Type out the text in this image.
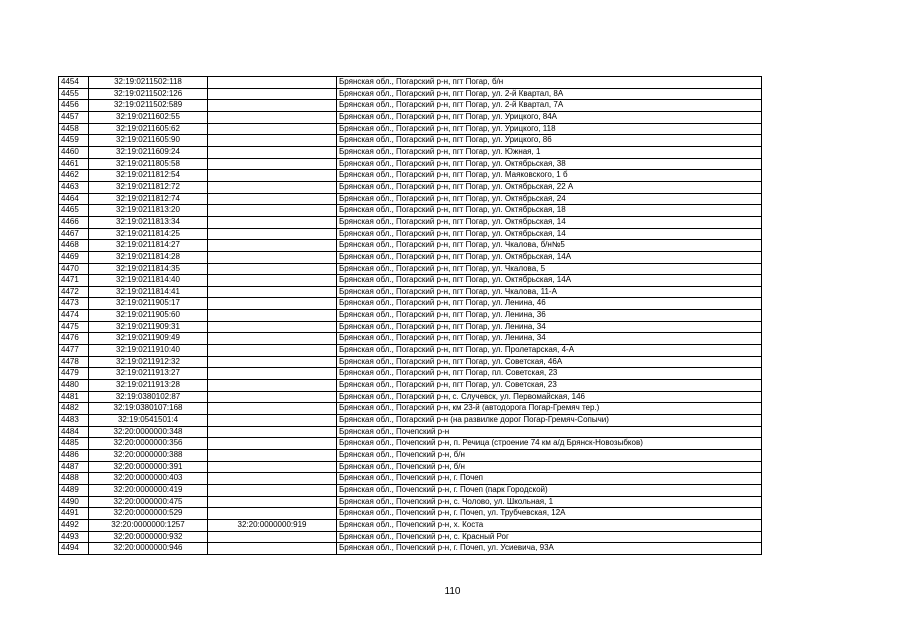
4454	32:19:0211502:118		Брянская обл., Погарский р-н, пгт Погар, б/н
4455	32:19:0211502:126		Брянская обл., Погарский р-н, пгт Погар, ул. 2-й Квартал, 8А
4456	32:19:0211502:589		Брянская обл., Погарский р-н, пгт Погар, ул. 2-й Квартал, 7А
4457	32:19:0211602:55		Брянская обл., Погарский р-н, пгт Погар, ул. Урицкого, 84А
4458	32:19:0211605:62		Брянская обл., Погарский р-н, пгт Погар, ул. Урицкого, 118
4459	32:19:0211605:90		Брянская обл., Погарский р-н, пгт Погар, ул. Урицкого, 86
4460	32:19:0211609:24		Брянская обл., Погарский р-н, пгт Погар, ул. Южная, 1
4461	32:19:0211805:58		Брянская обл., Погарский р-н, пгт Погар, ул. Октябрьская, 38
4462	32:19:0211812:54		Брянская обл., Погарский р-н, пгт Погар, ул. Маяковского, 1 б
4463	32:19:0211812:72		Брянская обл., Погарский р-н, пгт Погар, ул. Октябрьская, 22 А
4464	32:19:0211812:74		Брянская обл., Погарский р-н, пгт Погар, ул. Октябрьская, 24
4465	32:19:0211813:20		Брянская обл., Погарский р-н, пгт Погар, ул. Октябрьская, 18
4466	32:19:0211813:34		Брянская обл., Погарский р-н, пгт Погар, ул. Октябрьская, 14
4467	32:19:0211814:25		Брянская обл., Погарский р-н, пгт Погар, ул. Октябрьская, 14
4468	32:19:0211814:27		Брянская обл., Погарский р-н, пгт Погар, ул. Чкалова, б/н№5
4469	32:19:0211814:28		Брянская обл., Погарский р-н, пгт Погар, ул. Октябрьская, 14А
4470	32:19:0211814:35		Брянская обл., Погарский р-н, пгт Погар, ул. Чкалова, 5
4471	32:19:0211814:40		Брянская обл., Погарский р-н, пгт Погар, ул. Октябрьская, 14А
4472	32:19:0211814:41		Брянская обл., Погарский р-н, пгт Погар, ул. Чкалова, 11-А
4473	32:19:0211905:17		Брянская обл., Погарский р-н, пгт Погар, ул. Ленина, 46
4474	32:19:0211905:60		Брянская обл., Погарский р-н, пгт Погар, ул. Ленина, 36
4475	32:19:0211909:31		Брянская обл., Погарский р-н, пгт Погар, ул. Ленина, 34
4476	32:19:0211909:49		Брянская обл., Погарский р-н, пгт Погар, ул. Ленина, 34
4477	32:19:0211910:40		Брянская обл., Погарский р-н, пгт Погар, ул. Пролетарская, 4-А
4478	32:19:0211912:32		Брянская обл., Погарский р-н, пгт Погар, ул. Советская, 46А
4479	32:19:0211913:27		Брянская обл., Погарский р-н, пгт Погар, пл. Советская, 23
4480	32:19:0211913:28		Брянская обл., Погарский р-н, пгт Погар, ул. Советская, 23
4481	32:19:0380102:87		Брянская обл., Погарский р-н, с. Случевск, ул. Первомайская, 146
4482	32:19:0380107:168		Брянская обл., Погарский р-н, км 23-й (автодорога Погар-Гремяч тер.)
4483	32:19:0541501:4		Брянская обл., Погарский р-н (на развилке дорог Погар-Гремяч-Сопычи)
4484	32:20:0000000:348		Брянская обл., Почепский р-н
4485	32:20:0000000:356		Брянская обл., Почепский р-н, п. Речица (строение 74 км а/д Брянск-Новозыбков)
4486	32:20:0000000:388		Брянская обл., Почепский р-н, б/н
4487	32:20:0000000:391		Брянская обл., Почепский р-н, б/н
4488	32:20:0000000:403		Брянская обл., Почепский р-н, г. Почеп
4489	32:20:0000000:419		Брянская обл., Почепский р-н, г. Почеп (парк Городской)
4490	32:20:0000000:475		Брянская обл., Почепский р-н, с. Чолово, ул. Школьная, 1
4491	32:20:0000000:529		Брянская обл., Почепский р-н, г. Почеп, ул. Трубчевская, 12А
4492	32:20:0000000:1257	32:20:0000000:919	Брянская обл., Почепский р-н, х. Коста
4493	32:20:0000000:932		Брянская обл., Почепский р-н, с. Красный Рог
4494	32:20:0000000:946		Брянская обл., Почепский р-н, г. Почеп, ул. Усиевича, 93А
110
